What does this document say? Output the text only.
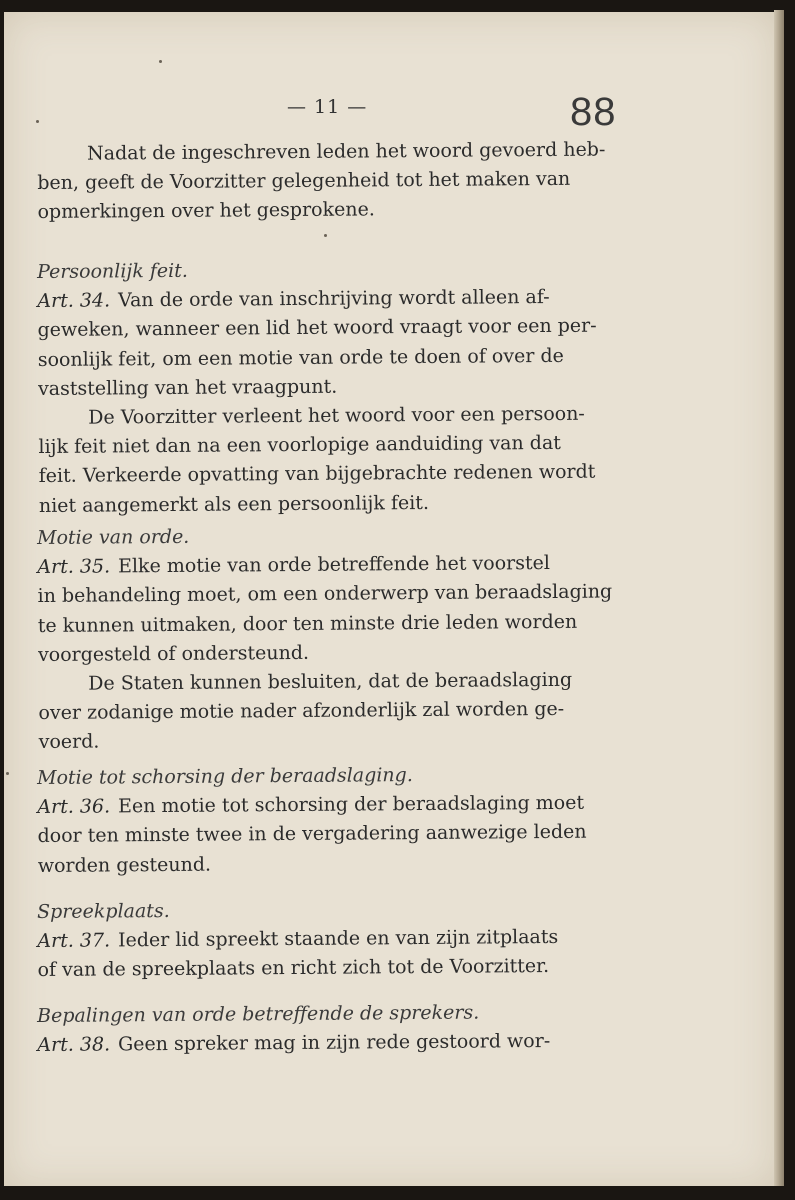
— 11 —	88

Nadat de ingeschreven leden het woord gevoerd heb-

ben, geeft de Voorzitter gelegenheid tot het maken van

opmerkingen over het gesprokene.

Persoonlijk feit.

Art. 34. Van de orde van inschrijving wordt alleen af-

geweken, wanneer een lid het woord vraagt voor een per-

soonlijk feit, om een motie van orde te doen of over de

vaststelling van het vraagpunt.

De Voorzitter verleent het woord voor een persoon-

lijk feit niet dan na een voorlopige aanduiding van dat

feit. Verkeerde opvatting van bijgebrachte redenen wordt

niet aangemerkt als een persoonlijk feit.

Motie van orde.

Art. 35. Elke motie van orde betreffende het voorstel

in behandeling moet, om een onderwerp van beraadslaging

te kunnen uitmaken, door ten minste drie leden worden

voorgesteld of ondersteund.

De Staten kunnen besluiten, dat de beraadslaging

over zodanige motie nader afzonderlijk zal worden ge-

voerd.

Motie tot schorsing der beraadslaging.

Art. 36. Een motie tot schorsing der beraadslaging moet

door ten minste twee in de vergadering aanwezige leden

worden gesteund.

Spreekplaats.

Art. 37. Ieder lid spreekt staande en van zijn zitplaats

of van de spreekplaats en richt zich tot de Voorzitter.

Bepalingen van orde betreffende de sprekers.

Art. 38. Geen spreker mag in zijn rede gestoord wor-
